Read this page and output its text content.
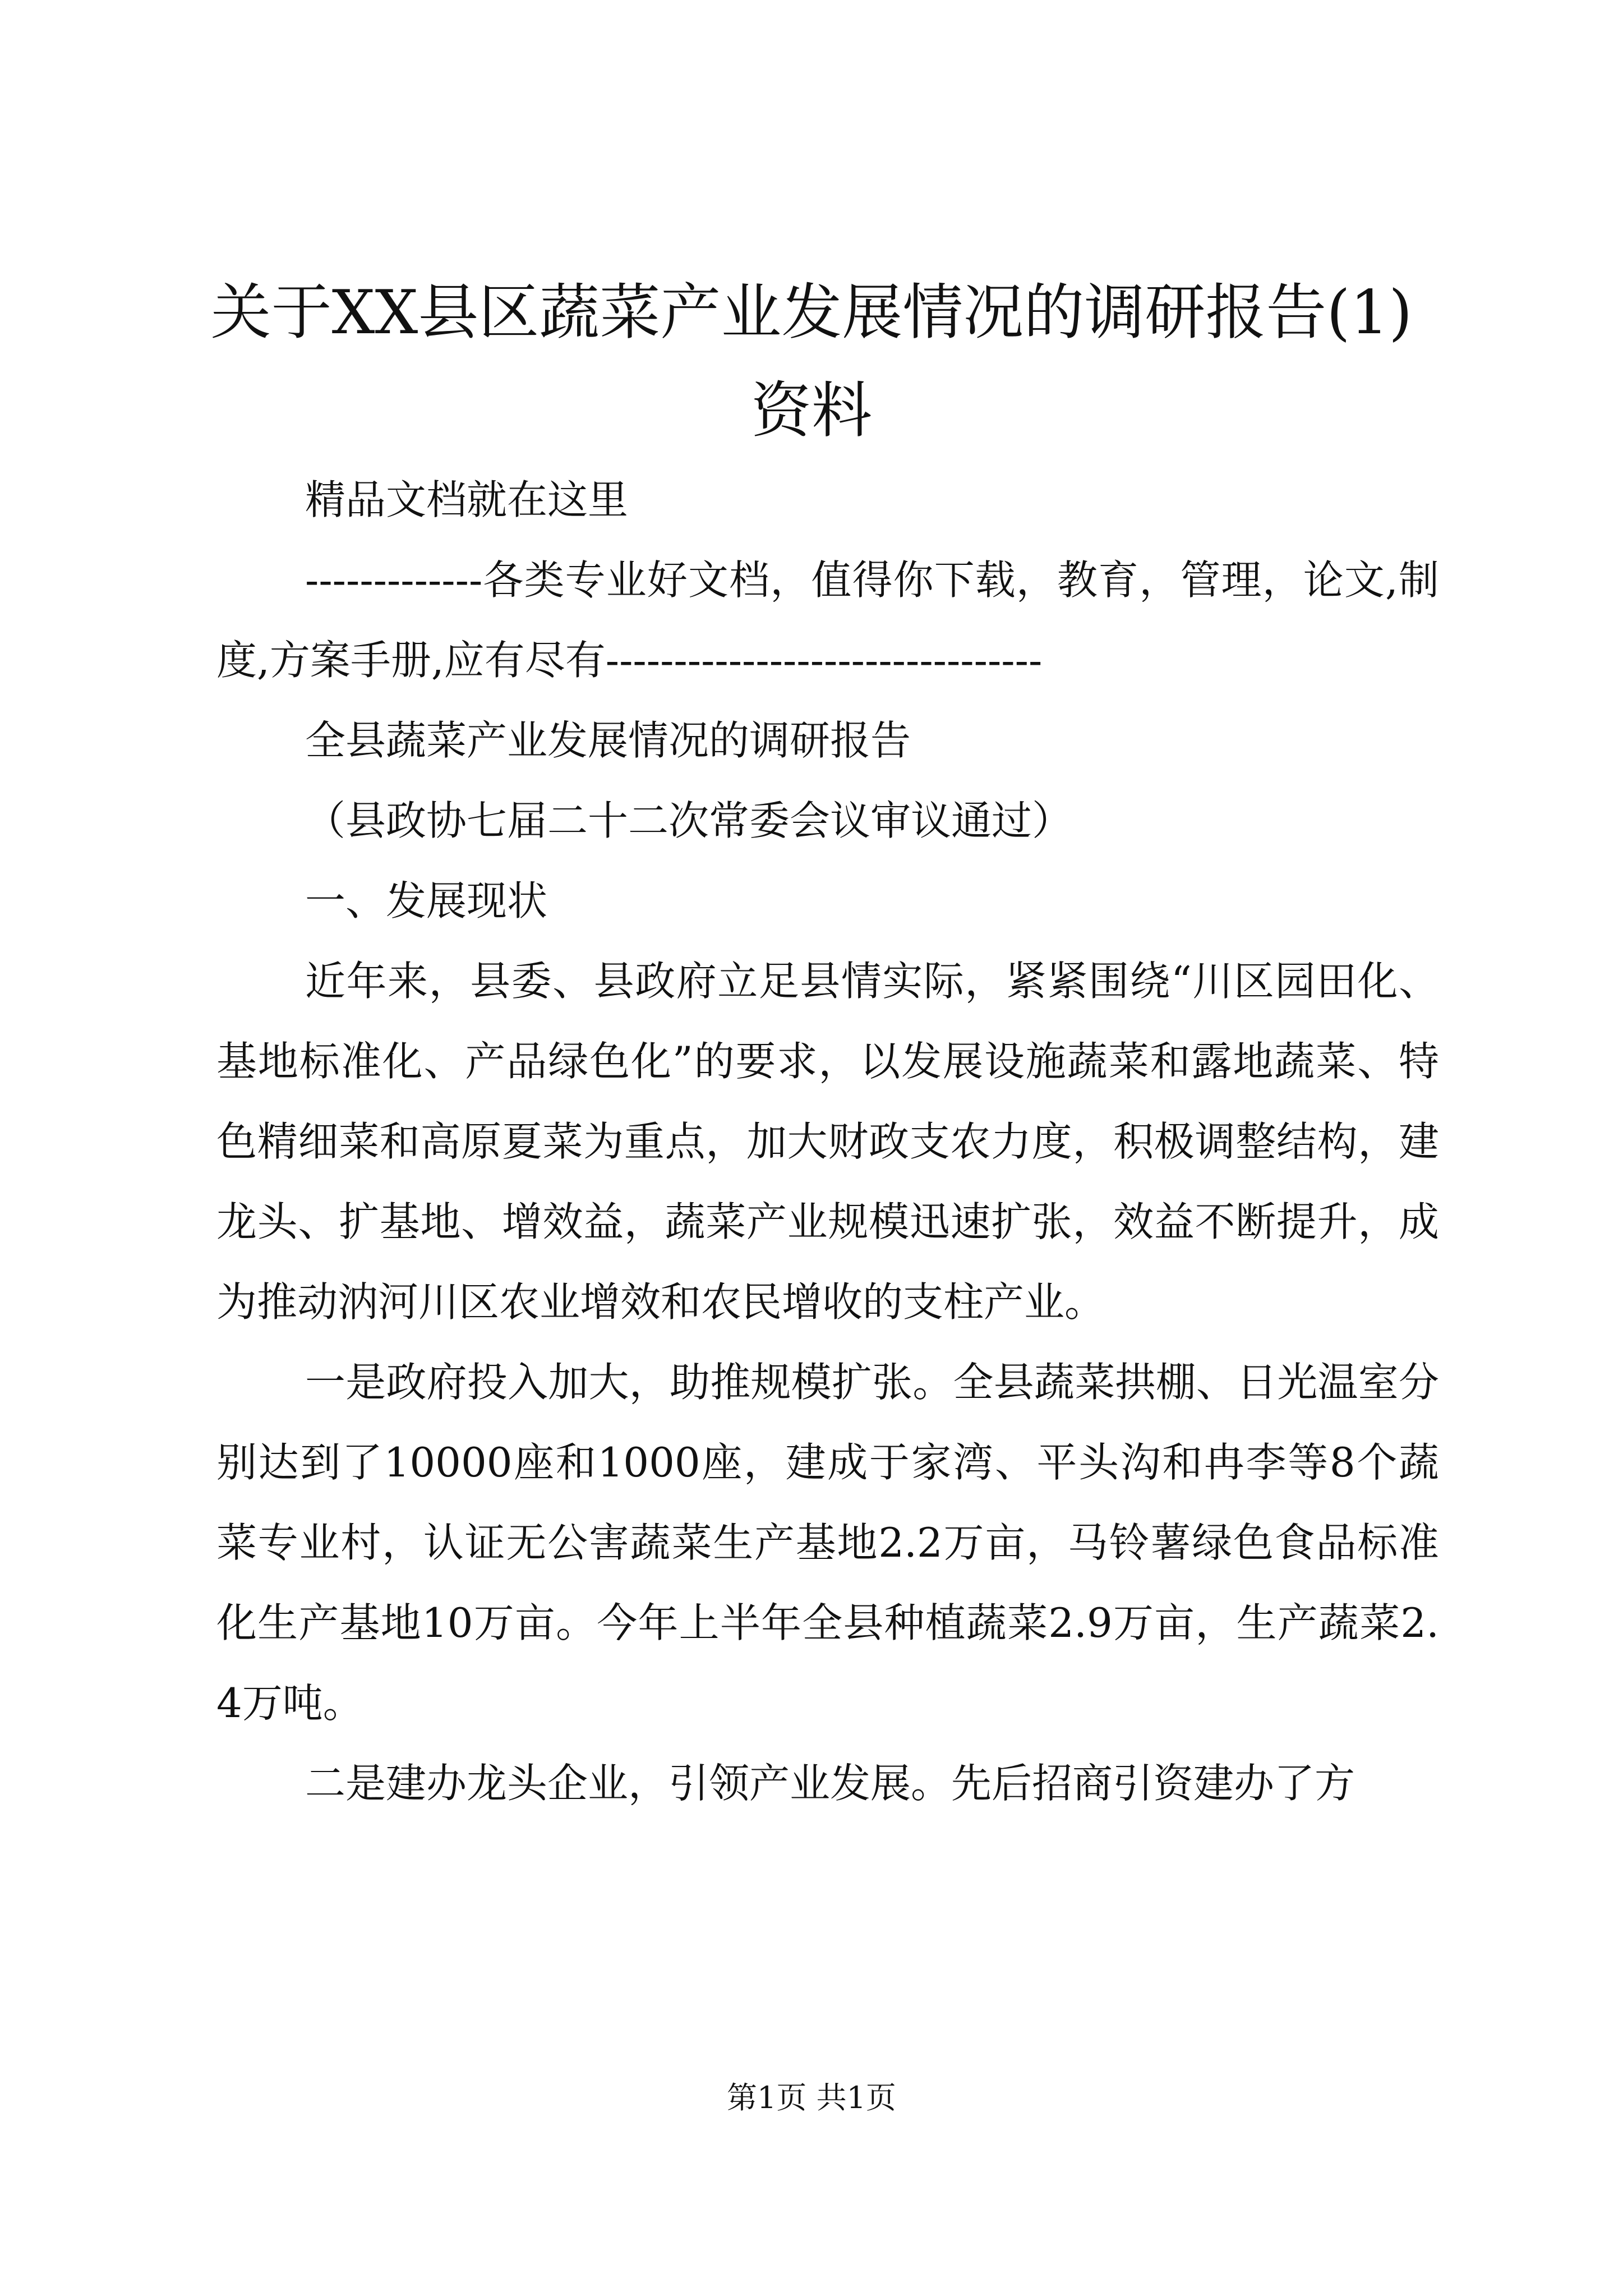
关于XX县区蔬菜产业发展情况的调研报告(1)
资料

精品文档就在这里

-------------各类专业好文档，值得你下载，教育，管理，论文,制度,方案手册,应有尽有--------------------------------

全县蔬菜产业发展情况的调研报告

（县政协七届二十二次常委会议审议通过）

一、发展现状

近年来，县委、县政府立足县情实际，紧紧围绕“川区园田化、基地标准化、产品绿色化”的要求，以发展设施蔬菜和露地蔬菜、特色精细菜和高原夏菜为重点，加大财政支农力度，积极调整结构，建龙头、扩基地、增效益，蔬菜产业规模迅速扩张，效益不断提升，成为推动汭河川区农业增效和农民增收的支柱产业。

一是政府投入加大，助推规模扩张。全县蔬菜拱棚、日光温室分别达到了10000座和1000座，建成于家湾、平头沟和冉李等8个蔬菜专业村，认证无公害蔬菜生产基地2.2万亩，马铃薯绿色食品标准化生产基地10万亩。今年上半年全县种植蔬菜2.9万亩，生产蔬菜2.4万吨。

二是建办龙头企业，引领产业发展。先后招商引资建办了方

第1页 共1页
